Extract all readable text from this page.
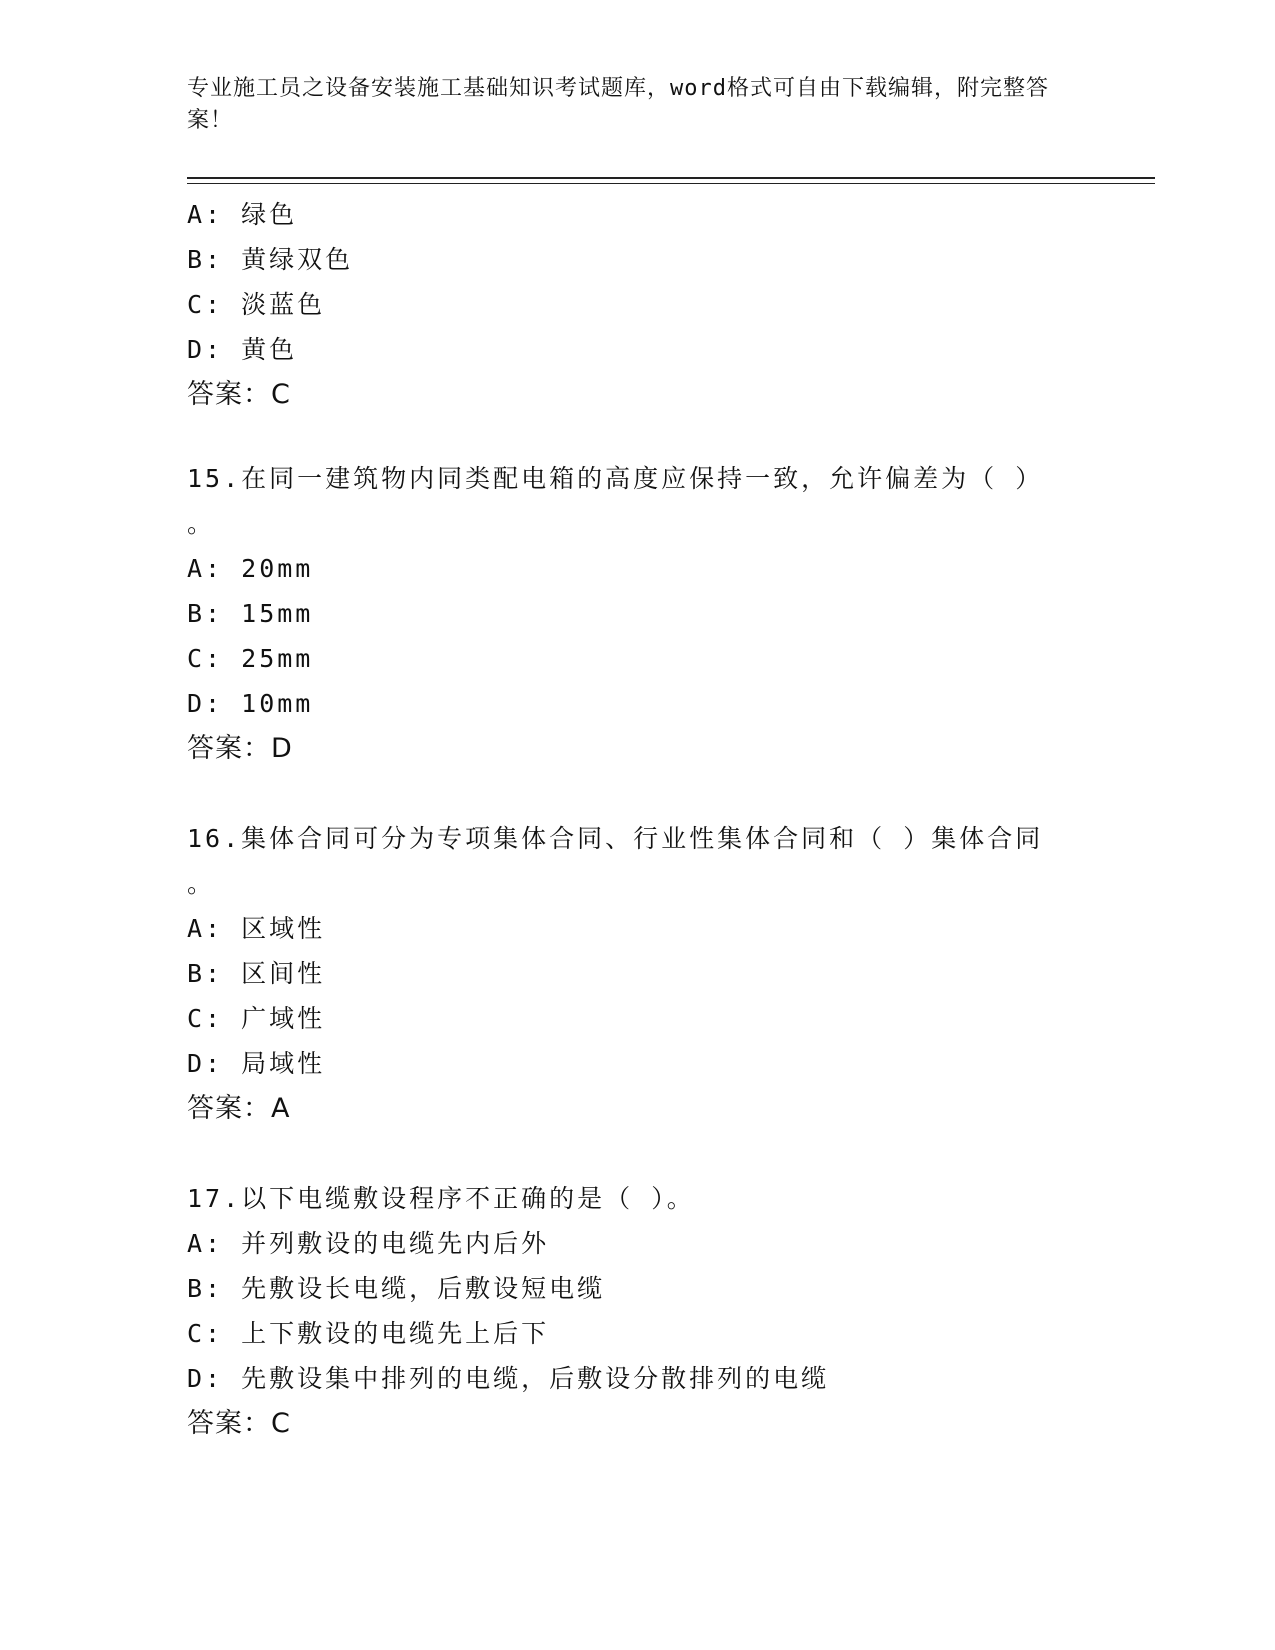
专业施工员之设备安装施工基础知识考试题库，word格式可自由下载编辑，附完整答案！
A: 绿色
B: 黄绿双色
C: 淡蓝色
D: 黄色
答案：C
15.在同一建筑物内同类配电箱的高度应保持一致，允许偏差为（ ）
。
A: 20mm
B: 15mm
C: 25mm
D: 10mm
答案：D
16.集体合同可分为专项集体合同、行业性集体合同和（ ）集体合同
。
A: 区域性
B: 区间性
C: 广域性
D: 局域性
答案：A
17.以下电缆敷设程序不正确的是（ ）。
A: 并列敷设的电缆先内后外
B: 先敷设长电缆，后敷设短电缆
C: 上下敷设的电缆先上后下
D: 先敷设集中排列的电缆，后敷设分散排列的电缆
答案：C
